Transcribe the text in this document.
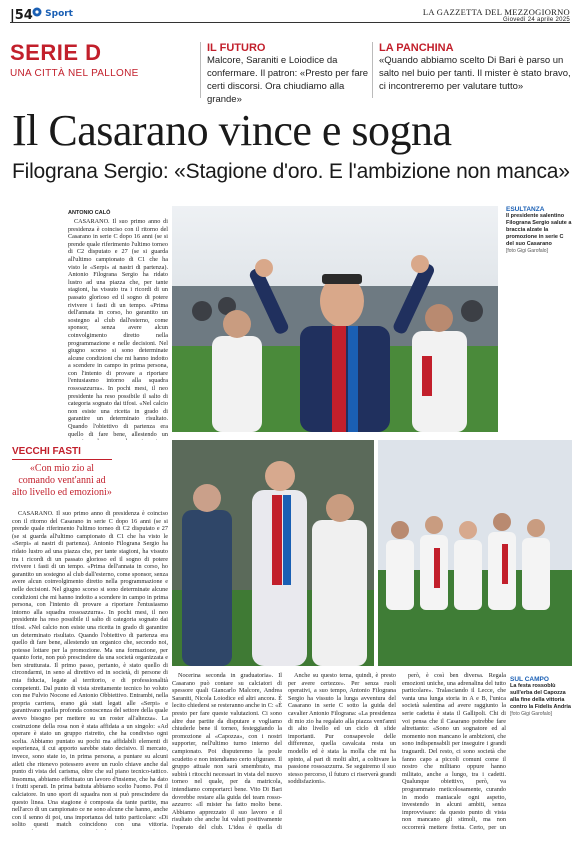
|54	Sport	LA GAZZETTA DEL MEZZOGIORNO
Giovedì 24 aprile 2025
SERIE D
UNA CITTÀ NEL PALLONE
IL FUTURO
Malcore, Saraniti e Loiodice da confermare. Il patron: «Presto per fare certi discorsi. Ora chiudiamo alla grande»
LA PANCHINA
«Quando abbiamo scelto Di Bari è parso un salto nel buio per tanti. Il mister è stato bravo, ci incontreremo per valutare tutto»
Il Casarano vince e sogna
Filograna Sergio: «Stagione d'oro. E l'ambizione non manca»
ANTONIO CALÒ

CASARANO. Il suo primo anno di presidenza è coinciso con il ritorno del Casarano in serie C dopo 16 anni (se si prende quale riferimento l'ultimo torneo di C2 disputato e 27 (se si guarda all'ultimo campionato di C1 che ha visto le «Serpi» ai nastri di partenza). Antonio Filograna Sergio ha ridato lustro ad una piazza che, per tante stagioni, ha vissuto tra i ricordi di un passato glorioso ed il sogno di potere rivivere i fasti di un tempo. «Prima dell'annata in corso, ho garantito un sostegno al club dall'esterno, come sponsor, senza avere alcun coinvolgimento diretto nella programmazione e nelle decisioni. Nel giugno scorso si sono determinate alcune condizioni che mi hanno indotto a scendere in campo in prima persona, con l'intento di provare a riportare l'entusiasmo intorno alla squadra rossoazzurra». In pochi mesi, il neo presidente ha reso possibile il salto di categoria sognato dai tifosi. «Nel calcio non esiste una ricetta in grado di garantire un determinato risultato. Quando l'obiettivo di partenza era quello di fare bene, allestendo un

ESULTANZA
Il presidente salentino Filograna Sergio salute a braccia alzate la promozione in serie C del suo Casarano
[foto Gigi Garofalo]
VECCHI FASTI
«Con mio zio al comando vent'anni ad alto livello ed emozioni»

CASARANO. Il suo primo anno di presidenza è coinciso con il ritorno del Casarano in serie C dopo 16 anni (se si prende quale riferimento l'ultimo torneo di C2 disputato e 27 (se si guarda all'ultimo campionato di C1 che ha visto le «Serpi» ai nastri di partenza). Antonio Filograna Sergio ha ridato lustro ad una piazza che, per tante stagioni, ha vissuto tra i ricordi di un passato glorioso ed il sogno di potere rivivere i fasti di un tempo. «Prima dell'annata in corso, ho garantito un sostegno al club dall'esterno, come sponsor, senza avere alcun coinvolgimento diretto nella programmazione e nelle decisioni. Nel giugno scorso si sono determinate alcune condizioni che mi hanno indotto a scendere in campo in prima persona, con l'intento di provare a riportare l'entusiasmo intorno alla squadra rossoazzurra». In pochi mesi, il neo presidente ha reso possibile il salto di categoria sognato dai tifosi. «Nel calcio non esiste una ricetta in grado di garantire un determinato risultato. Quando l'obiettivo di partenza era quello di fare bene, allestendo un organico che, secondo noi, potesse lottare per la promozione. Ma una formazione, per quanto forte, non può prescindere da una società organizzata e ben strutturata. Il primo passo, pertanto, è stato quello di circondarmi, in seno al direttivo ed in società, di persone di mia fiducia, legate al territorio, e di professionalità competenti. Dal punto di vista strettamente tecnico ho voluto con me Fulvio Nocone ed Antonio Obbiettivo. Entrambi, nella propria carriera, erano già stati legati alle «Serpi» e garantivano quella profonda conoscenza del settore della quale avevo bisogno per mettere su un roster all'altezza». La costruzione della rosa non è stata affidata a un singolo: «Ad operare è stato un gruppo ristretto, che ha condiviso ogni scelta. Abbiamo puntato su pochi ma affidabili elementi di esperienza, il cui apporto sarebbe stato decisivo. Il mercato, invece, sono state io, in prima persona, a puntare su alcuni atleti che ritenevo potessero avere un ruolo chiave anche dal punto di vista del carisma, oltre che sul piano tecnico-tattico. Insomma, abbiamo effettuato un lavoro d'insieme, che ha dato i frutti sperati. In prima battuta abbiamo scelto l'uomo. Poi il calciatore. In uno sport di squadra non si può prescindere da questo linea. Una stagione è composta da tante partite, ma nell'arco di un campionato ce ne sono alcune che hanno, anche con il senno di poi, una importanza del tutto particolare: «Di solito questi match coincidono con una vittoria.

SUL CAMPO
La festa rossoblù sull'erba del Capozza alla fine della vittoria contro la Fidelis Andria
[foto Gigi Garofalo]

Nocerina seconda in graduatoria». Il Casarano può contare su calciatori di spessore quali Giancarlo Malcore, Andrea Saraniti, Nicola Loiodice ed altri ancora. È lecito chiedersi se resteranno anche in C: «È presto per fare queste valutazioni. Ci sono altre due partite da disputare e vogliamo chiuderle bene il torneo, festeggiando la promozione al «Capozza», con i nostri supporter, nell'ultimo turno interno del campionato. Poi disputeremo la poule scudetto e non intendiamo certo sfigurare. Il gruppo attuale non sarà smembrato, ma subirà i ritocchi necessari in vista del nuovo torneo nel quale, per da matricola, intendiamo comportarci bene. Vito Di Bari dovrebbe restare alla guida del team rosso-azzurro: «Il mister ha fatto molto bene. Abbiamo apprezzato il suo lavoro e il risultato che anche lui valuti positivamente l'operato del club. L'idea è quella di

Anche su questo tema, quindi, è presto per avere certezze». Per senza ruoli operativi, a suo tempo, Antonio Filograna Sergio ha vissuto la lunga avventura del Casarano in serie C sotto la guida del cavalier Antonio Filograna: «La presidenza di mio zio ha regalato alla piazza vent'anni di alto livello ed un ciclo di sfide importanti. Pur consapevole delle differenze, quella cavalcata resta un modello ed è stata la molla che mi ha spinto, al pari di molti altri, a coltivare la passione rossoazzurra. Se seguiremo il suo stesso percorso, il futuro ci riserverà grandi soddisfazioni».

però, è così ben diversa. Regala emozioni uniche, una adrenalina del tutto particolare». Tralasciando il Lecce, che vanta una lunga storia in A e B, l'unica società salentina ad avere raggiunto la serie cadetta è stata il Gallipoli. Chi di voi pensa che il Casarano potrebbe fare altrettanto: «Sono un sognatore ed al momento non mancano le ambizioni, che sono indispensabili per inseguire i grandi traguardi. Del resto, ci sono società che fanno capo a piccoli comuni come il nostro che militano oppure hanno militato, anche a lungo, tra i cadetti. Qualunque obiettivo, però, va programmato meticolosamente, curando in modo maniacale ogni aspetto, investendo in alcuni ambiti, senza improvvisare: da questo punto di vista non mancano gli stimoli, ma non occorrerà mettere fretta. Certo, per un
